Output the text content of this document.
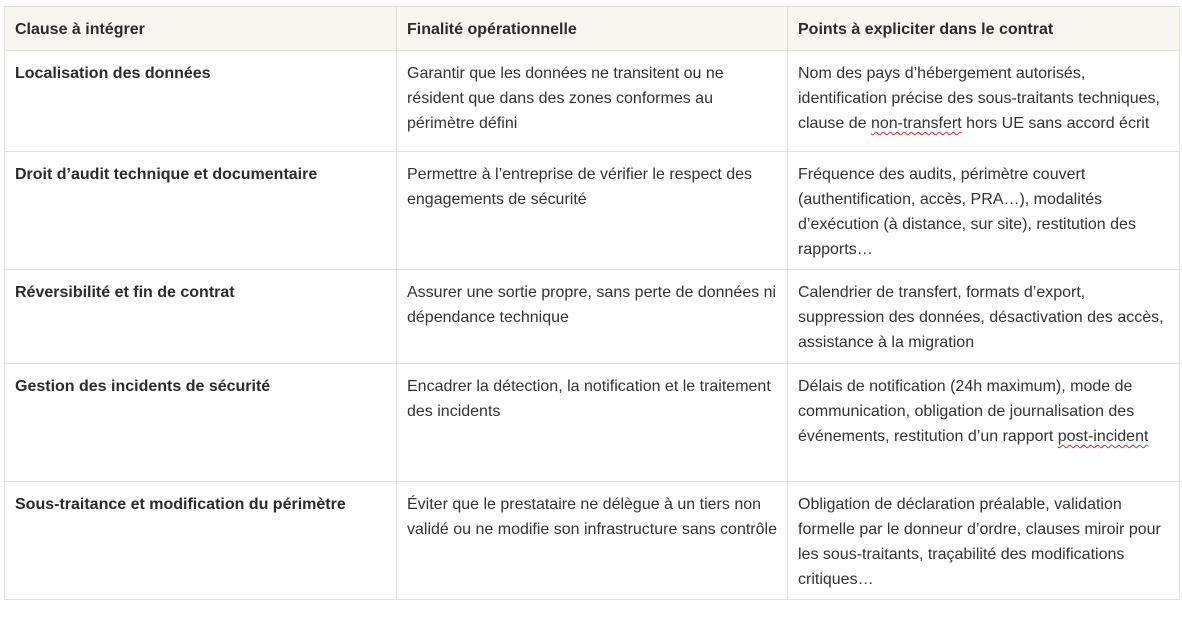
Clause à intégrer	Finalité opérationnelle	Points à expliciter dans le contrat
Localisation des données	Garantir que les données ne transitent ou ne résident que dans des zones conformes au périmètre défini	Nom des pays d’hébergement autorisés, identification précise des sous-traitants techniques, clause de non-transfert hors UE sans accord écrit
Droit d’audit technique et documentaire	Permettre à l’entreprise de vérifier le respect des engagements de sécurité	Fréquence des audits, périmètre couvert (authentification, accès, PRA…), modalités d’exécution (à distance, sur site), restitution des rapports…
Réversibilité et fin de contrat	Assurer une sortie propre, sans perte de données ni dépendance technique	Calendrier de transfert, formats d’export, suppression des données, désactivation des accès, assistance à la migration
Gestion des incidents de sécurité	Encadrer la détection, la notification et le traitement des incidents	Délais de notification (24h maximum), mode de communication, obligation de journalisation des événements, restitution d’un rapport post-incident
Sous-traitance et modification du périmètre	Éviter que le prestataire ne délègue à un tiers non validé ou ne modifie son infrastructure sans contrôle	Obligation de déclaration préalable, validation formelle par le donneur d’ordre, clauses miroir pour les sous-traitants, traçabilité des modifications critiques…
